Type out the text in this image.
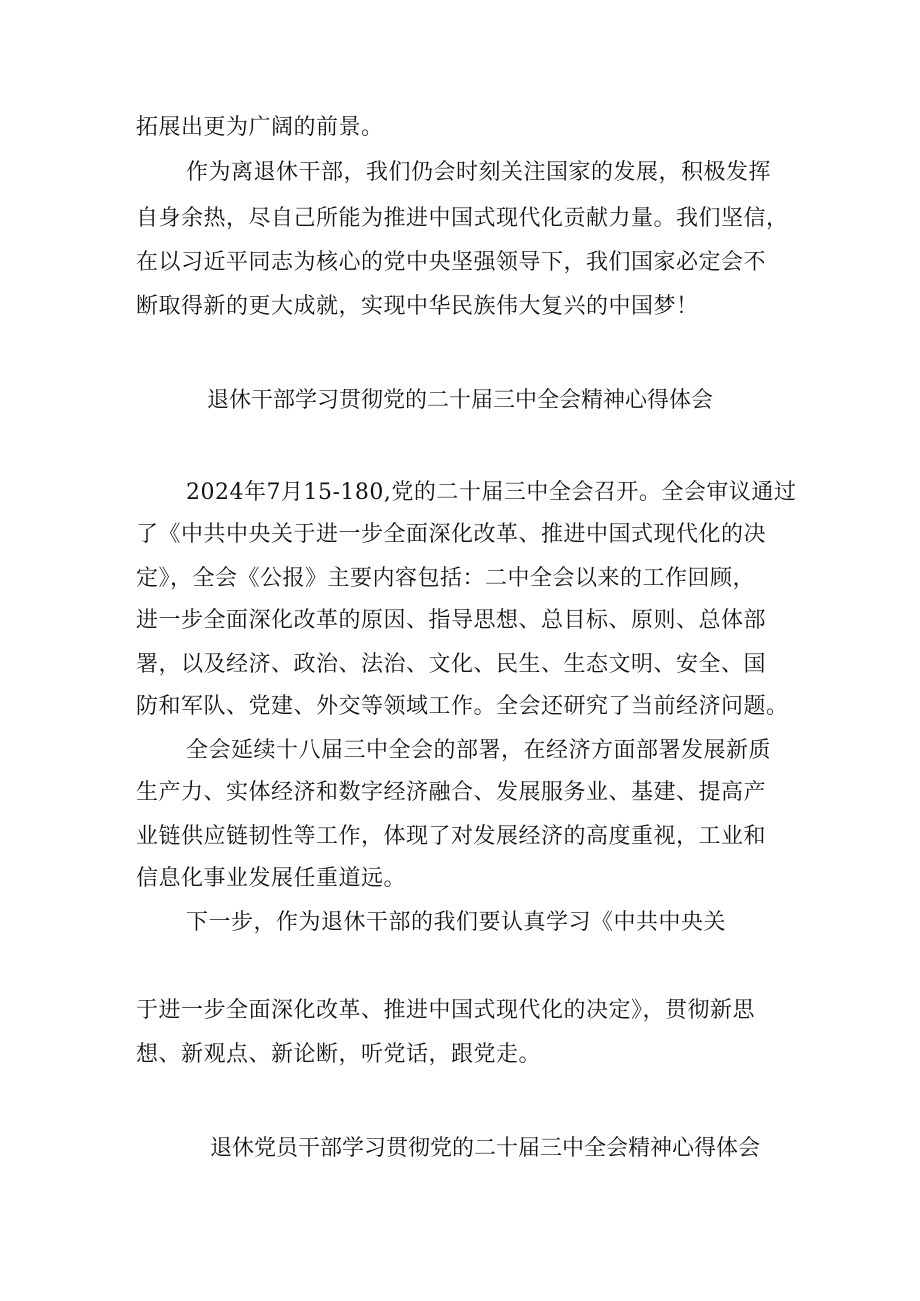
拓展出更为广阔的前景。
作为离退休干部，我们仍会时刻关注国家的发展，积极发挥
自身余热，尽自己所能为推进中国式现代化贡献力量。我们坚信，
在以习近平同志为核心的党中央坚强领导下，我们国家必定会不
断取得新的更大成就，实现中华民族伟大复兴的中国梦！
退休干部学习贯彻党的二十届三中全会精神心得体会
2024年7月15-180,党的二十届三中全会召开。全会审议通过
了《中共中央关于进一步全面深化改革、推进中国式现代化的决
定》，全会《公报》主要内容包括：二中全会以来的工作回顾，
进一步全面深化改革的原因、指导思想、总目标、原则、总体部
署，以及经济、政治、法治、文化、民生、生态文明、安全、国
防和军队、党建、外交等领域工作。全会还研究了当前经济问题。
全会延续十八届三中全会的部署，在经济方面部署发展新质
生产力、实体经济和数字经济融合、发展服务业、基建、提高产
业链供应链韧性等工作，体现了对发展经济的高度重视，工业和
信息化事业发展任重道远。
下一步，作为退休干部的我们要认真学习《中共中央关
于进一步全面深化改革、推进中国式现代化的决定》，贯彻新思
想、新观点、新论断，听党话，跟党走。
退休党员干部学习贯彻党的二十届三中全会精神心得体会
